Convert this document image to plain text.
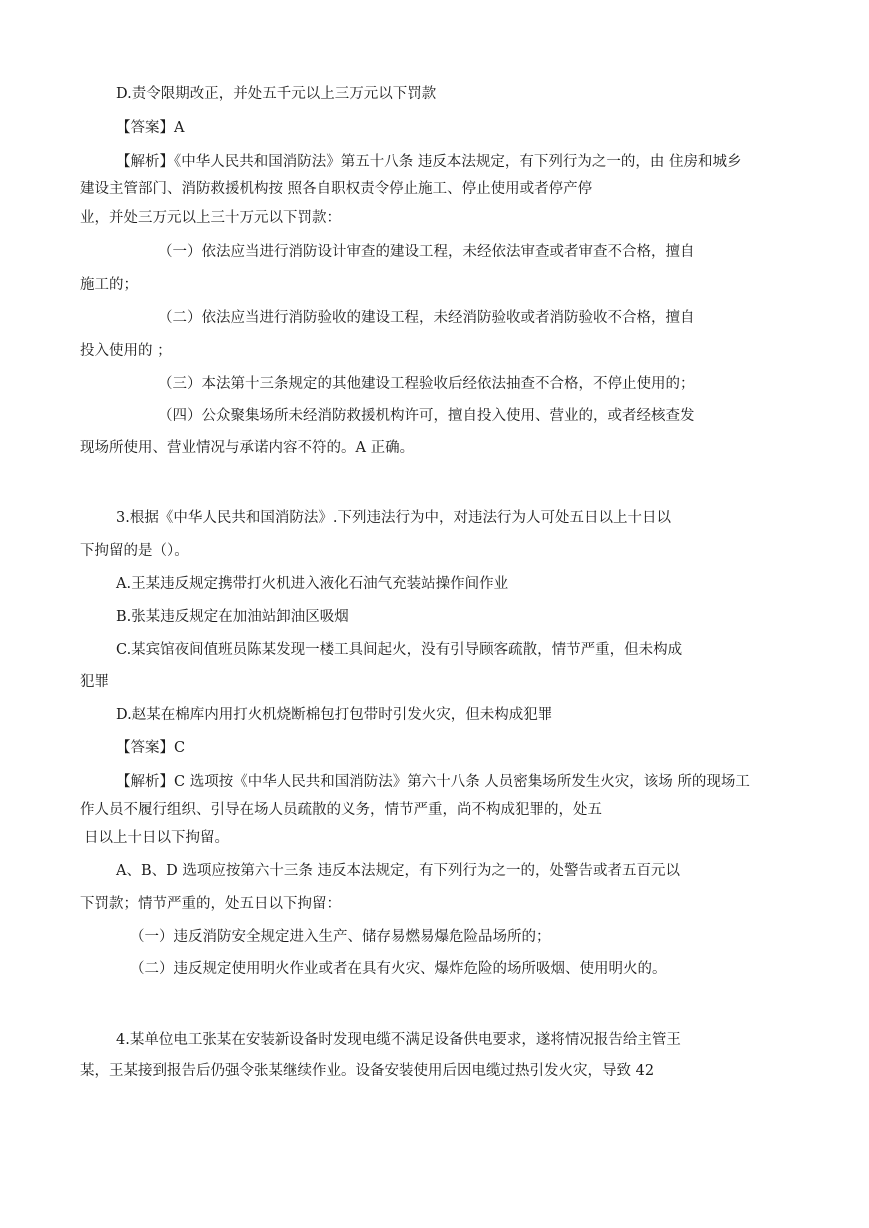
D.责令限期改正，并处五千元以上三万元以下罚款
【答案】A
【解析】《中华人民共和国消防法》第五十八条 违反本法规定，有下列行为之一的，由 住房和城乡
建设主管部门、消防救援机构按 照各自职权责令停止施工、停止使用或者停产停
业，并处三万元以上三十万元以下罚款：
（一）依法应当进行消防设计审查的建设工程，未经依法审查或者审查不合格，擅自
施工的；
（二）依法应当进行消防验收的建设工程，未经消防验收或者消防验收不合格，擅自
投入使用的 ；
（三）本法第十三条规定的其他建设工程验收后经依法抽查不合格，不停止使用的；
（四）公众聚集场所未经消防救援机构许可，擅自投入使用、营业的，或者经核查发
现场所使用、营业情况与承诺内容不符的。A 正确。
3.根据《中华人民共和国消防法》.下列违法行为中，对违法行为人可处五日以上十日以
下拘留的是（）。
A.王某违反规定携带打火机进入液化石油气充装站操作间作业
B.张某违反规定在加油站卸油区吸烟
C.某宾馆夜间值班员陈某发现一楼工具间起火，没有引导顾客疏散，情节严重，但未构成
犯罪
D.赵某在棉库内用打火机烧断棉包打包带时引发火灾，但未构成犯罪
【答案】C
【解析】C 选项按《中华人民共和国消防法》第六十八条 人员密集场所发生火灾，该场 所的现场工
作人员不履行组织、引导在场人员疏散的义务，情节严重，尚不构成犯罪的，处五
日以上十日以下拘留。
A、B、D 选项应按第六十三条 违反本法规定，有下列行为之一的，处警告或者五百元以
下罚款；情节严重的，处五日以下拘留：
（一）违反消防安全规定进入生产、储存易燃易爆危险品场所的；
（二）违反规定使用明火作业或者在具有火灾、爆炸危险的场所吸烟、使用明火的。
4.某单位电工张某在安装新设备时发现电缆不满足设备供电要求，遂将情况报告给主管王
某，王某接到报告后仍强令张某继续作业。设备安装使用后因电缆过热引发火灾，导致 42
